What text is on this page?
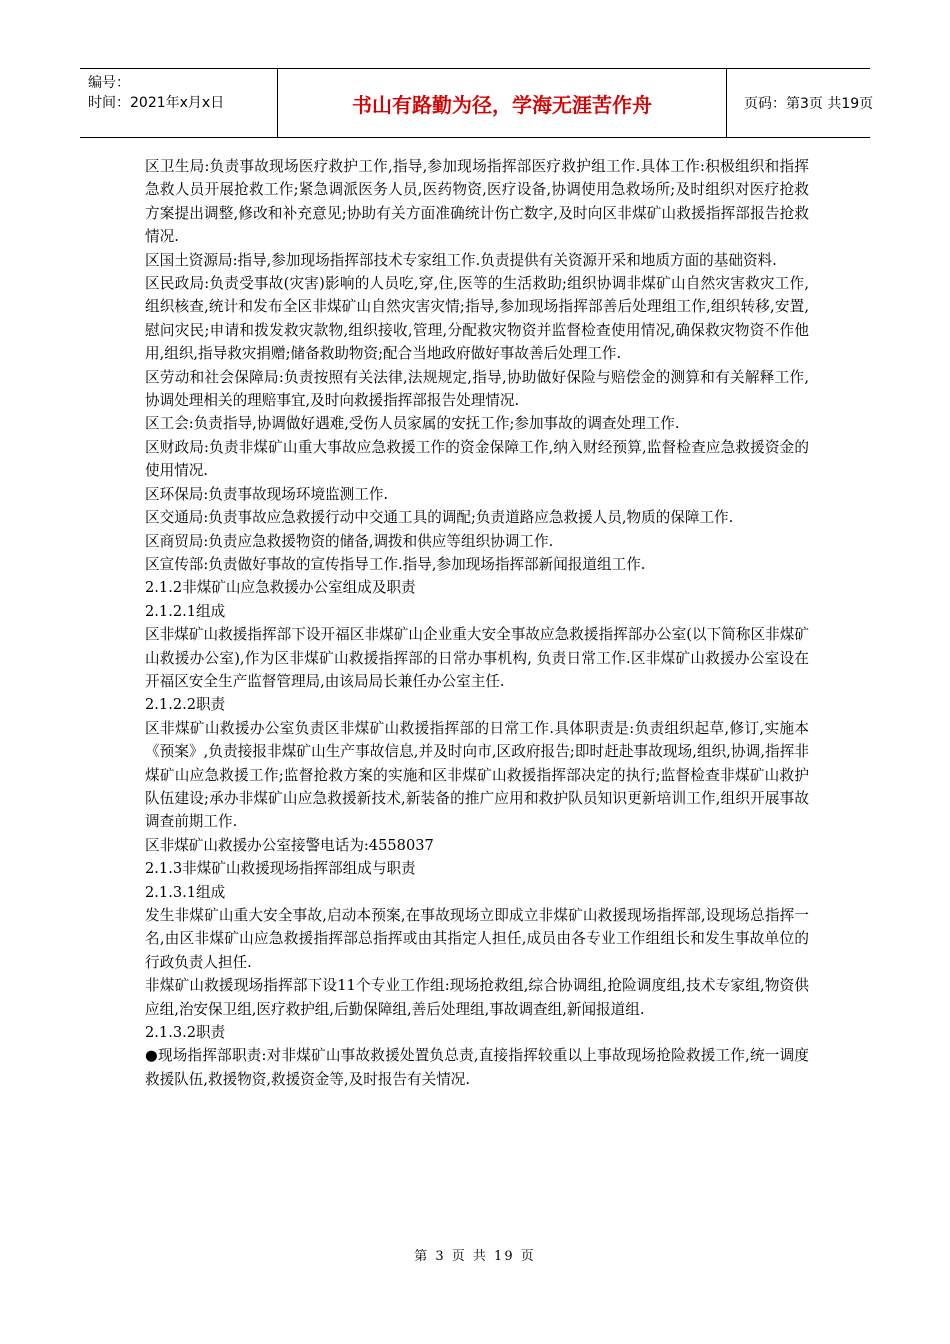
编号：
时间：2021年x月x日	书山有路勤为径，学海无涯苦作舟	页码：第3页 共19页

区卫生局:负责事故现场医疗救护工作,指导,参加现场指挥部医疗救护组工作.具体工作:积极组织和指挥急救人员开展抢救工作;紧急调派医务人员,医药物资,医疗设备,协调使用急救场所;及时组织对医疗抢救方案提出调整,修改和补充意见;协助有关方面准确统计伤亡数字,及时向区非煤矿山救援指挥部报告抢救情况.

区国土资源局:指导,参加现场指挥部技术专家组工作.负责提供有关资源开采和地质方面的基础资料.

区民政局:负责受事故(灾害)影响的人员吃,穿,住,医等的生活救助;组织协调非煤矿山自然灾害救灾工作,组织核查,统计和发布全区非煤矿山自然灾害灾情;指导,参加现场指挥部善后处理组工作,组织转移,安置,慰问灾民;申请和拨发救灾款物,组织接收,管理,分配救灾物资并监督检查使用情况,确保救灾物资不作他用,组织,指导救灾捐赠;储备救助物资;配合当地政府做好事故善后处理工作.

区劳动和社会保障局:负责按照有关法律,法规规定,指导,协助做好保险与赔偿金的测算和有关解释工作,协调处理相关的理赔事宜,及时向救援指挥部报告处理情况.

区工会:负责指导,协调做好遇难,受伤人员家属的安抚工作;参加事故的调查处理工作.

区财政局:负责非煤矿山重大事故应急救援工作的资金保障工作,纳入财经预算,监督检查应急救援资金的使用情况.

区环保局:负责事故现场环境监测工作.

区交通局:负责事故应急救援行动中交通工具的调配;负责道路应急救援人员,物质的保障工作.

区商贸局:负责应急救援物资的储备,调拨和供应等组织协调工作.

区宣传部:负责做好事故的宣传指导工作.指导,参加现场指挥部新闻报道组工作.

2.1.2非煤矿山应急救援办公室组成及职责

2.1.2.1组成

区非煤矿山救援指挥部下设开福区非煤矿山企业重大安全事故应急救援指挥部办公室(以下简称区非煤矿山救援办公室),作为区非煤矿山救援指挥部的日常办事机构, 负责日常工作.区非煤矿山救援办公室设在开福区安全生产监督管理局,由该局局长兼任办公室主任.

2.1.2.2职责

区非煤矿山救援办公室负责区非煤矿山救援指挥部的日常工作.具体职责是:负责组织起草,修订,实施本《预案》,负责接报非煤矿山生产事故信息,并及时向市,区政府报告;即时赶赴事故现场,组织,协调,指挥非煤矿山应急救援工作;监督抢救方案的实施和区非煤矿山救援指挥部决定的执行;监督检查非煤矿山救护队伍建设;承办非煤矿山应急救援新技术,新装备的推广应用和救护队员知识更新培训工作,组织开展事故调查前期工作.

区非煤矿山救援办公室接警电话为:4558037

2.1.3非煤矿山救援现场指挥部组成与职责

2.1.3.1组成

发生非煤矿山重大安全事故,启动本预案,在事故现场立即成立非煤矿山救援现场指挥部,设现场总指挥一名,由区非煤矿山应急救援指挥部总指挥或由其指定人担任,成员由各专业工作组组长和发生事故单位的行政负责人担任.

非煤矿山救援现场指挥部下设11个专业工作组:现场抢救组,综合协调组,抢险调度组,技术专家组,物资供应组,治安保卫组,医疗救护组,后勤保障组,善后处理组,事故调查组,新闻报道组.

2.1.3.2职责

●现场指挥部职责:对非煤矿山事故救援处置负总责,直接指挥较重以上事故现场抢险救援工作,统一调度救援队伍,救援物资,救援资金等,及时报告有关情况.

第 3 页 共 19 页
